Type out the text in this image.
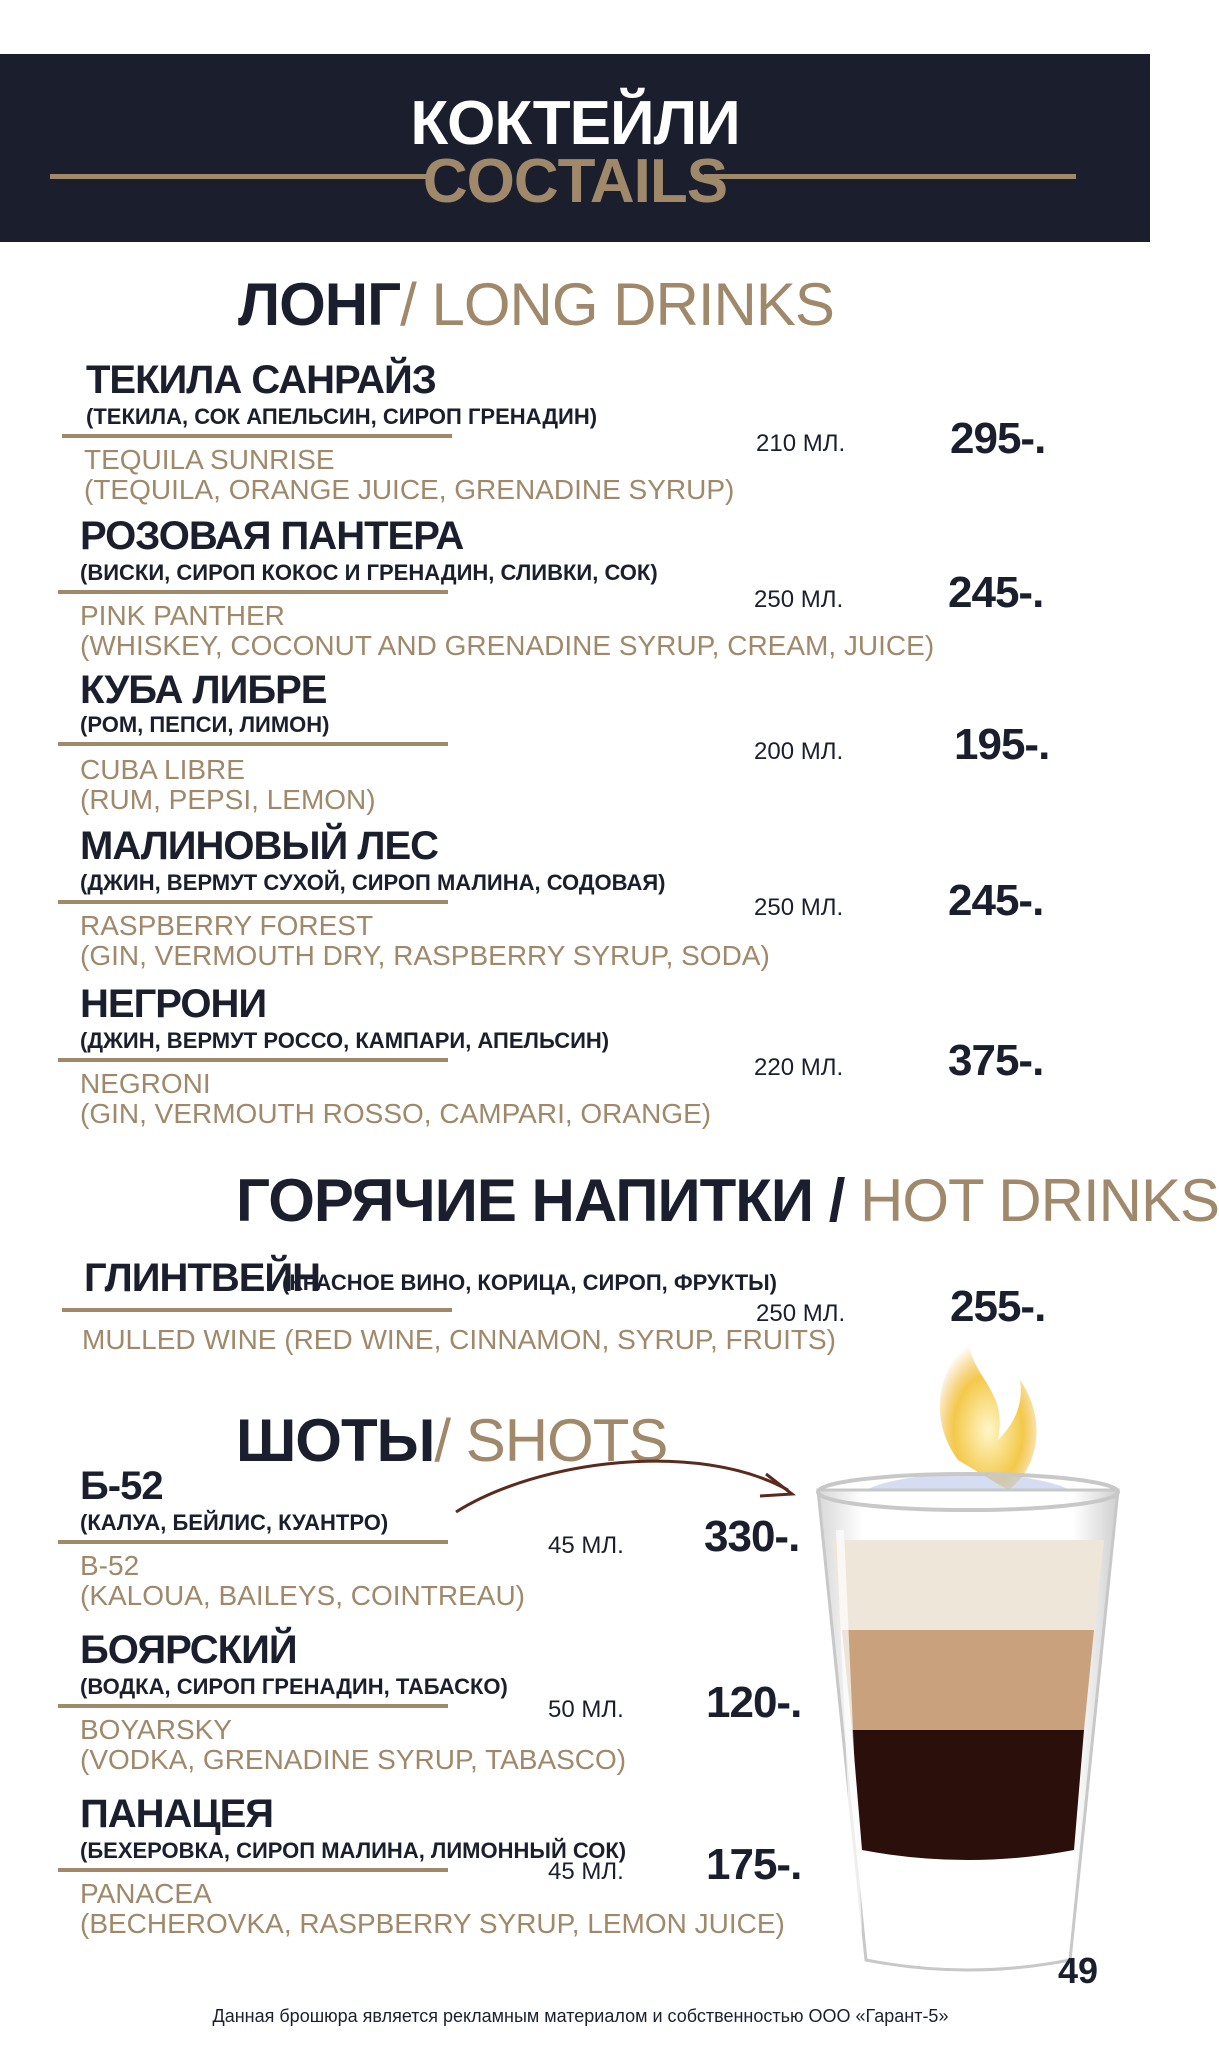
КОКТЕЙЛИ
COCTAILS
ЛОНГ/ LONG DRINKS
ТЕКИЛА САНРАЙЗ
(ТЕКИЛА, СОК АПЕЛЬСИН, СИРОП ГРЕНАДИН)
TEQUILA SUNRISE
(TEQUILA, ORANGE JUICE, GRENADINE SYRUP)
210 МЛ. 295-.
РОЗОВАЯ ПАНТЕРА
(ВИСКИ, СИРОП КОКОС И ГРЕНАДИН, СЛИВКИ, СОК)
PINK PANTHER
(WHISKEY, COCONUT AND GRENADINE SYRUP, CREAM, JUICE)
250 МЛ. 245-.
КУБА ЛИБРЕ
(РОМ, ПЕПСИ, ЛИМОН)
CUBA LIBRE
(RUM, PEPSI, LEMON)
200 МЛ.	195-.
МАЛИНОВЫЙ ЛЕС
(ДЖИН, ВЕРМУТ СУХОЙ, СИРОП МАЛИНА, СОДОВАЯ)
RASPBERRY FOREST
(GIN, VERMOUTH DRY, RASPBERRY SYRUP, SODA)
250 МЛ. 245-.
НЕГРОНИ
(ДЖИН, ВЕРМУТ РОССО, КАМПАРИ, АПЕЛЬСИН)
NEGRONI
(GIN, VERMOUTH ROSSO, CAMPARI, ORANGE)
220 МЛ. 375-.
ГОРЯЧИЕ НАПИТКИ / HOT DRINKS
ГЛИНТВЕЙН
(КРАСНОЕ ВИНО, КОРИЦА, СИРОП, ФРУКТЫ)
MULLED WINE (RED WINE, CINNAMON, SYRUP, FRUITS)
250 МЛ. 255-.
ШОТЫ/ SHOTS
Б-52
(КАЛУА, БЕЙЛИС, КУАНТРО)
B-52
(KALOUA, BAILEYS, COINTREAU)
45 МЛ. 330-.
БОЯРСКИЙ
(ВОДКА, СИРОП ГРЕНАДИН, ТАБАСКО)
BOYARSKY
(VODKA, GRENADINE SYRUP, TABASCO)
50 МЛ. 120-.
ПАНАЦЕЯ
(БЕХЕРОВКА, СИРОП МАЛИНА, ЛИМОННЫЙ СОК)
PANACEA
(BECHEROVKA, RASPBERRY SYRUP, LEMON JUICE)
45 МЛ. 175-.
49
Данная брошюра является рекламным материалом и собственностью ООО «Гарант-5»
